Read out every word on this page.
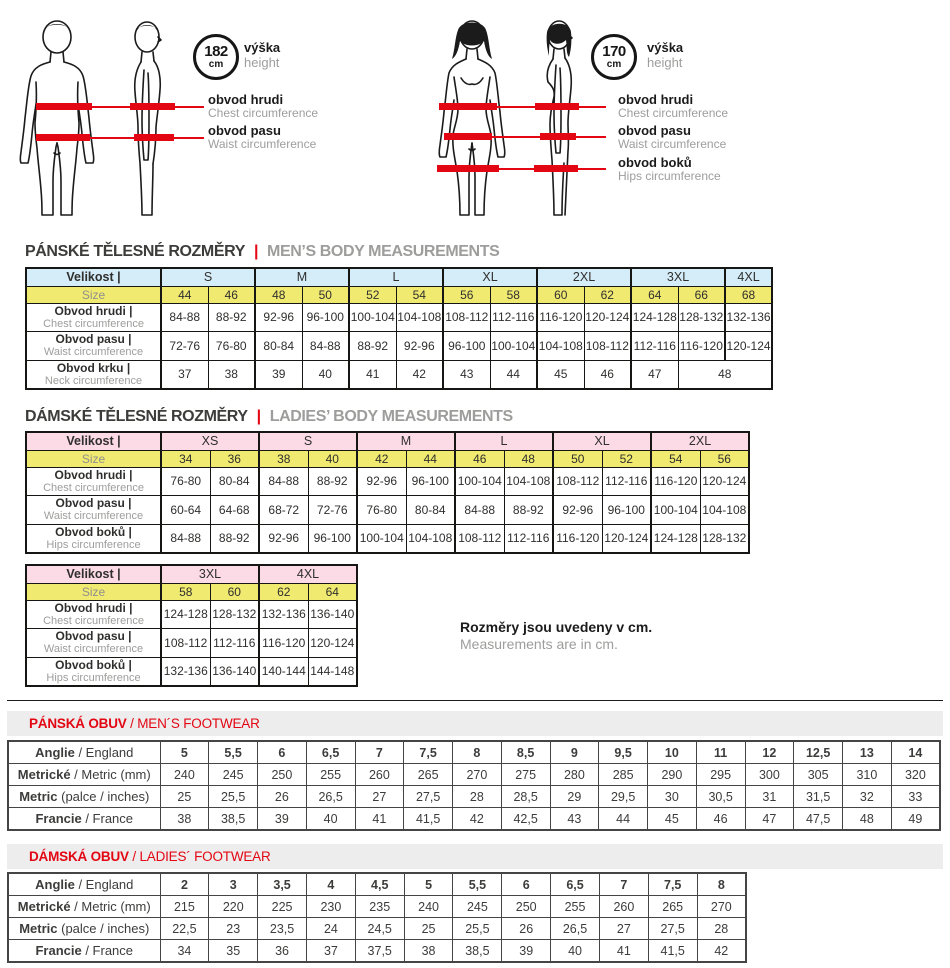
182
cm
výška
height
obvod hrudi
Chest circumference
obvod pasu
Waist circumference
170
cm
výška
height
obvod hrudi
Chest circumference
obvod pasu
Waist circumference
obvod boků
Hips circumference
PÁNSKÉ TĚLESNÉ ROZMĚRY | MEN’S BODY MEASUREMENTS
Velikost |	S		M		L		XL		2XL		3XL		4XL
Size	44	46	48	50	52	54	56	58	60	62	64	66	68

Obvod hrudi |
Chest circumference	84-88	88-92	92-96	96-100	100-104	104-108	108-112	112-116	116-120	120-124	124-128	128-132	132-136

Obvod pasu |
Waist circumference	72-76	76-80	80-84	84-88	88-92	92-96	96-100	100-104	104-108	108-112	112-116	116-120	120-124

Obvod krku |
Neck circumference	37	38	39	40	41	42	43	44	45	46	47	48	
DÁMSKÉ TĚLESNÉ ROZMĚRY | LADIES’ BODY MEASUREMENTS
Velikost |	XS		S		M		L		XL		2XL	
Size	34	36	38	40	42	44	46	48	50	52	54	56

Obvod hrudi |
Chest circumference	76-80	80-84	84-88	88-92	92-96	96-100	100-104	104-108	108-112	112-116	116-120	120-124

Obvod pasu |
Waist circumference	60-64	64-68	68-72	72-76	76-80	80-84	84-88	88-92	92-96	96-100	100-104	104-108

Obvod boků |
Hips circumference	84-88	88-92	92-96	96-100	100-104	104-108	108-112	112-116	116-120	120-124	124-128	128-132
Velikost |	3XL		4XL	
Size	58	60	62	64

Obvod hrudi |
Chest circumference	124-128	128-132	132-136	136-140

Obvod pasu |
Waist circumference	108-112	112-116	116-120	120-124

Obvod boků |
Hips circumference	132-136	136-140	140-144	144-148
Rozměry jsou uvedeny v cm.
Measurements are in cm.
PÁNSKÁ OBUV / MEN´S FOOTWEAR
Anglie / England	5	5,5	6	6,5	7	7,5	8	8,5	9	9,5	10	11	12	12,5	13	14
Metrické / Metric (mm)	240	245	250	255	260	265	270	275	280	285	290	295	300	305	310	320
Metric (palce / inches)	25	25,5	26	26,5	27	27,5	28	28,5	29	29,5	30	30,5	31	31,5	32	33
Francie / France	38	38,5	39	40	41	41,5	42	42,5	43	44	45	46	47	47,5	48	49
DÁMSKÁ OBUV / LADIES´ FOOTWEAR
Anglie / England	2	3	3,5	4	4,5	5	5,5	6	6,5	7	7,5	8
Metrické / Metric (mm)	215	220	225	230	235	240	245	250	255	260	265	270
Metric (palce / inches)	22,5	23	23,5	24	24,5	25	25,5	26	26,5	27	27,5	28
Francie / France	34	35	36	37	37,5	38	38,5	39	40	41	41,5	42
